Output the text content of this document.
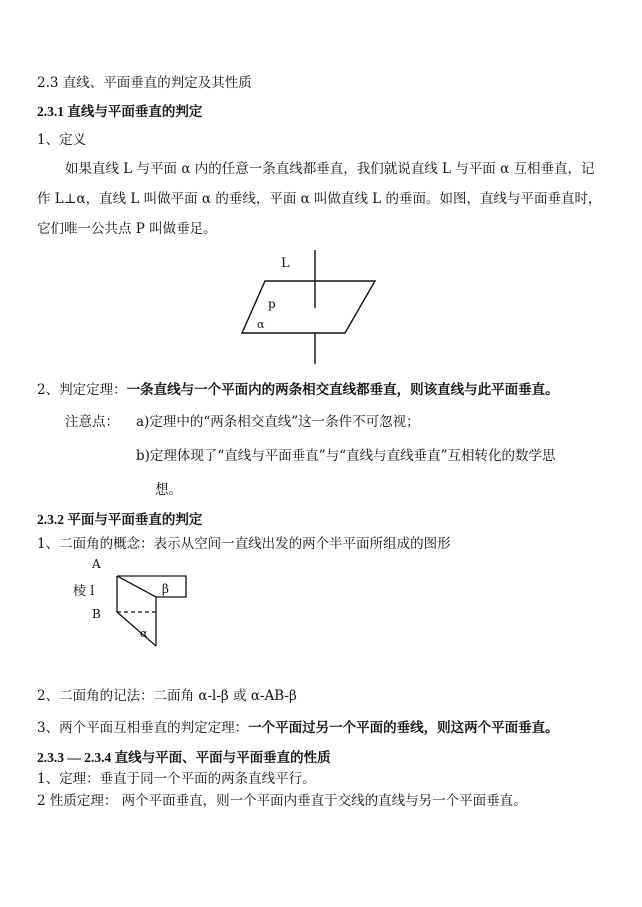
2.3 直线、平面垂直的判定及其性质
2.3.1 直线与平面垂直的判定
1、定义
如果直线 L 与平面 α 内的任意一条直线都垂直，我们就说直线 L 与平面 α 互相垂直，记
作 L⊥α，直线 L 叫做平面 α 的垂线，平面 α 叫做直线 L 的垂面。如图，直线与平面垂直时，
它们唯一公共点 P 叫做垂足。
L
p
α
2、判定定理：一条直线与一个平面内的两条相交直线都垂直，则该直线与此平面垂直。
注意点： a)定理中的“两条相交直线”这一条件不可忽视；
b)定理体现了“直线与平面垂直”与“直线与直线垂直”互相转化的数学思
想。
2.3.2 平面与平面垂直的判定
1、二面角的概念：表示从空间一直线出发的两个半平面所组成的图形
A
棱 l
B
β
α
2、二面角的记法：二面角 α-l-β 或 α-AB-β
3、两个平面互相垂直的判定定理：一个平面过另一个平面的垂线，则这两个平面垂直。
2.3.3 — 2.3.4 直线与平面、平面与平面垂直的性质
1、定理：垂直于同一个平面的两条直线平行。
2 性质定理： 两个平面垂直，则一个平面内垂直于交线的直线与另一个平面垂直。
